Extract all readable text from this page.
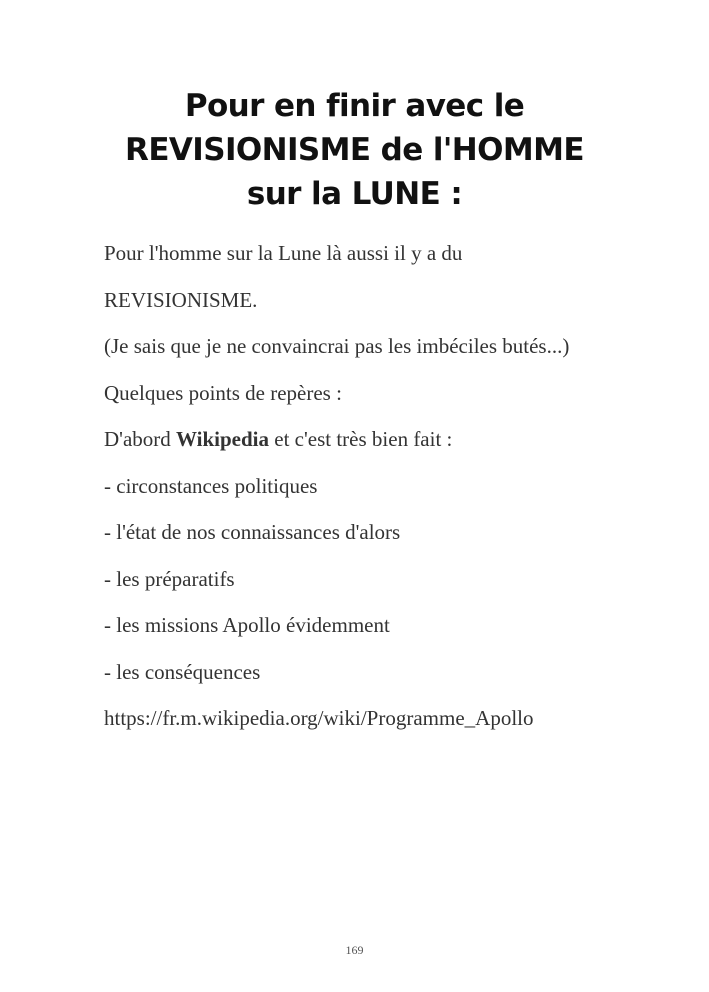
Pour en finir avec le
REVISIONISME de l'HOMME
sur la LUNE :

Pour l'homme sur la Lune là aussi il y a du

REVISIONISME.

(Je sais que je ne convaincrai pas les imbéciles butés...)

Quelques points de repères :

D'abord Wikipedia et c'est très bien fait :

- circonstances politiques

- l'état de nos connaissances d'alors

- les préparatifs

- les missions Apollo évidemment

- les conséquences

https://fr.m.wikipedia.org/wiki/Programme_Apollo

169
